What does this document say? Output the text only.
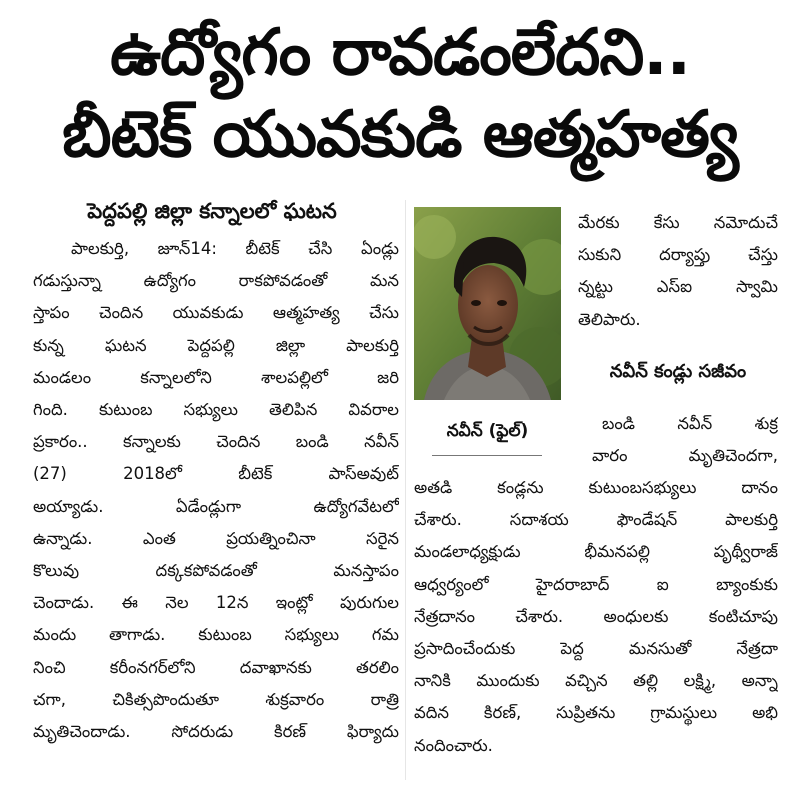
ఉద్యోగం రావడంలేదని..
బీటెక్ యువకుడి ఆత్మహత్య
పెద్దపల్లి జిల్లా కన్నాలలో ఘటన
పాలకుర్తి, జూన్14: బీటెక్ చేసి ఏండ్లు
గడుస్తున్నా ఉద్యోగం రాకపోవడంతో మన
స్తాపం చెందిన యువకుడు ఆత్మహత్య చేసు
కున్న ఘటన పెద్దపల్లి జిల్లా పాలకుర్తి
మండలం కన్నాలలోని శాలపల్లిలో జరి
గింది. కుటుంబ సభ్యులు తెలిపిన వివరాల
ప్రకారం.. కన్నాలకు చెందిన బండి నవీన్
(27) 2018లో బీటెక్ పాస్‌అవుట్
అయ్యాడు. ఏడేండ్లుగా ఉద్యోగవేటలో
ఉన్నాడు. ఎంత ప్రయత్నించినా సరైన
కొలువు దక్కకపోవడంతో మనస్తాపం
చెందాడు. ఈ నెల 12న ఇంట్లో పురుగుల
మందు తాగాడు. కుటుంబ సభ్యులు గమ
నించి కరీంనగర్‌లోని దవాఖానకు తరలిం
చగా, చికిత్సపొందుతూ శుక్రవారం రాత్రి
మృతిచెందాడు. సోదరుడు కిరణ్ ఫిర్యాదు
నవీన్ (ఫైల్)
మేరకు కేసు నమోదుచే
సుకుని దర్యాప్తు చేస్తు
న్నట్టు ఎస్ఐ స్వామి
తెలిపారు.
నవీన్ కండ్లు సజీవం
బండి నవీన్ శుక్ర
వారం మృతిచెందగా,
అతడి కండ్లను కుటుంబసభ్యులు దానం
చేశారు. సదాశయ ఫౌండేషన్ పాలకుర్తి
మండలాధ్యక్షుడు భీమనపల్లి పృథ్వీరాజ్
ఆధ్వర్యంలో హైదరాబాద్ ఐ బ్యాంకుకు
నేత్రదానం చేశారు. అంధులకు కంటిచూపు
ప్రసాదించేందుకు పెద్ద మనసుతో నేత్రదా
నానికి ముందుకు వచ్చిన తల్లి లక్ష్మి, అన్నా
వదిన కిరణ్, సుప్రితను గ్రామస్థులు అభి
నందించారు.
